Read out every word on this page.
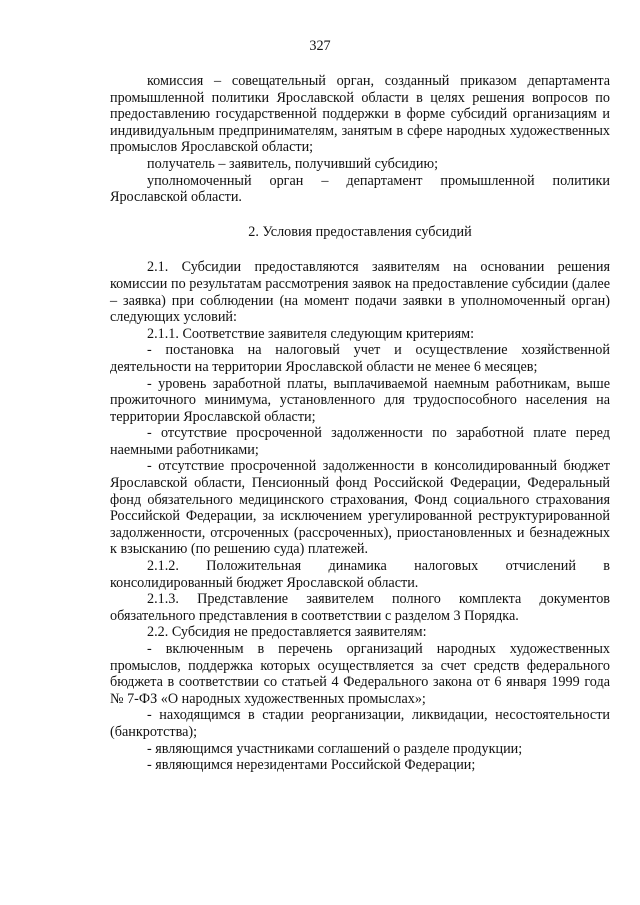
327

комиссия – совещательный орган, созданный приказом департамента промышленной политики Ярославской области в целях решения вопросов по предоставлению государственной поддержки в форме субсидий организациям и индивидуальным предпринимателям, занятым в сфере народных художественных промыслов Ярославской области;

получатель – заявитель, получивший субсидию;

уполномоченный орган – департамент промышленной политики Ярославской области.

2. Условия предоставления субсидий

2.1. Субсидии предоставляются заявителям на основании решения комиссии по результатам рассмотрения заявок на предоставление субсидии (далее – заявка) при соблюдении (на момент подачи заявки в уполномоченный орган) следующих условий:

2.1.1. Соответствие заявителя следующим критериям:

- постановка на налоговый учет и осуществление хозяйственной деятельности на территории Ярославской области не менее 6 месяцев;

- уровень заработной платы, выплачиваемой наемным работникам, выше прожиточного минимума, установленного для трудоспособного населения на территории Ярославской области;

- отсутствие просроченной задолженности по заработной плате перед наемными работниками;

- отсутствие просроченной задолженности в консолидированный бюджет Ярославской области, Пенсионный фонд Российской Федерации, Федеральный фонд обязательного медицинского страхования, Фонд социального страхования Российской Федерации, за исключением урегулированной реструктурированной задолженности, отсроченных (рассроченных), приостановленных и безнадежных к взысканию (по решению суда) платежей.

2.1.2. Положительная динамика налоговых отчислений в консолидированный бюджет Ярославской области.

2.1.3. Представление заявителем полного комплекта документов обязательного представления в соответствии с разделом 3 Порядка.

2.2. Субсидия не предоставляется заявителям:

- включенным в перечень организаций народных художественных промыслов, поддержка которых осуществляется за счет средств федерального бюджета в соответствии со статьей 4 Федерального закона от 6 января 1999 года № 7-ФЗ «О народных художественных промыслах»;

- находящимся в стадии реорганизации, ликвидации, несостоятельности (банкротства);

- являющимся участниками соглашений о разделе продукции;

- являющимся нерезидентами Российской Федерации;
